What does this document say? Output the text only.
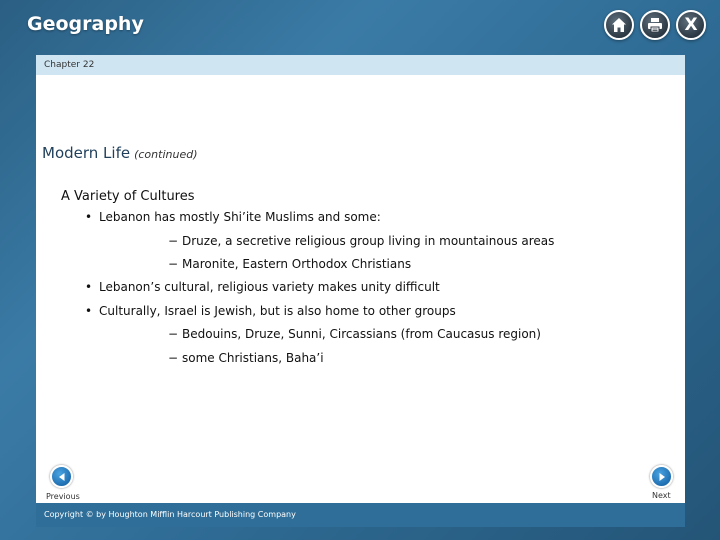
Geography	X
Chapter 22
Modern Life (continued)
A Variety of Cultures
• Lebanon has mostly Shi’ite Muslims and some:
− Druze, a secretive religious group living in mountainous areas
− Maronite, Eastern Orthodox Christians
• Lebanon’s cultural, religious variety makes unity difficult
• Culturally, Israel is Jewish, but is also home to other groups
− Bedouins, Druze, Sunni, Circassians (from Caucasus region)
− some Christians, Baha’i
Previous	Next
Copyright © by Houghton Mifflin Harcourt Publishing Company
